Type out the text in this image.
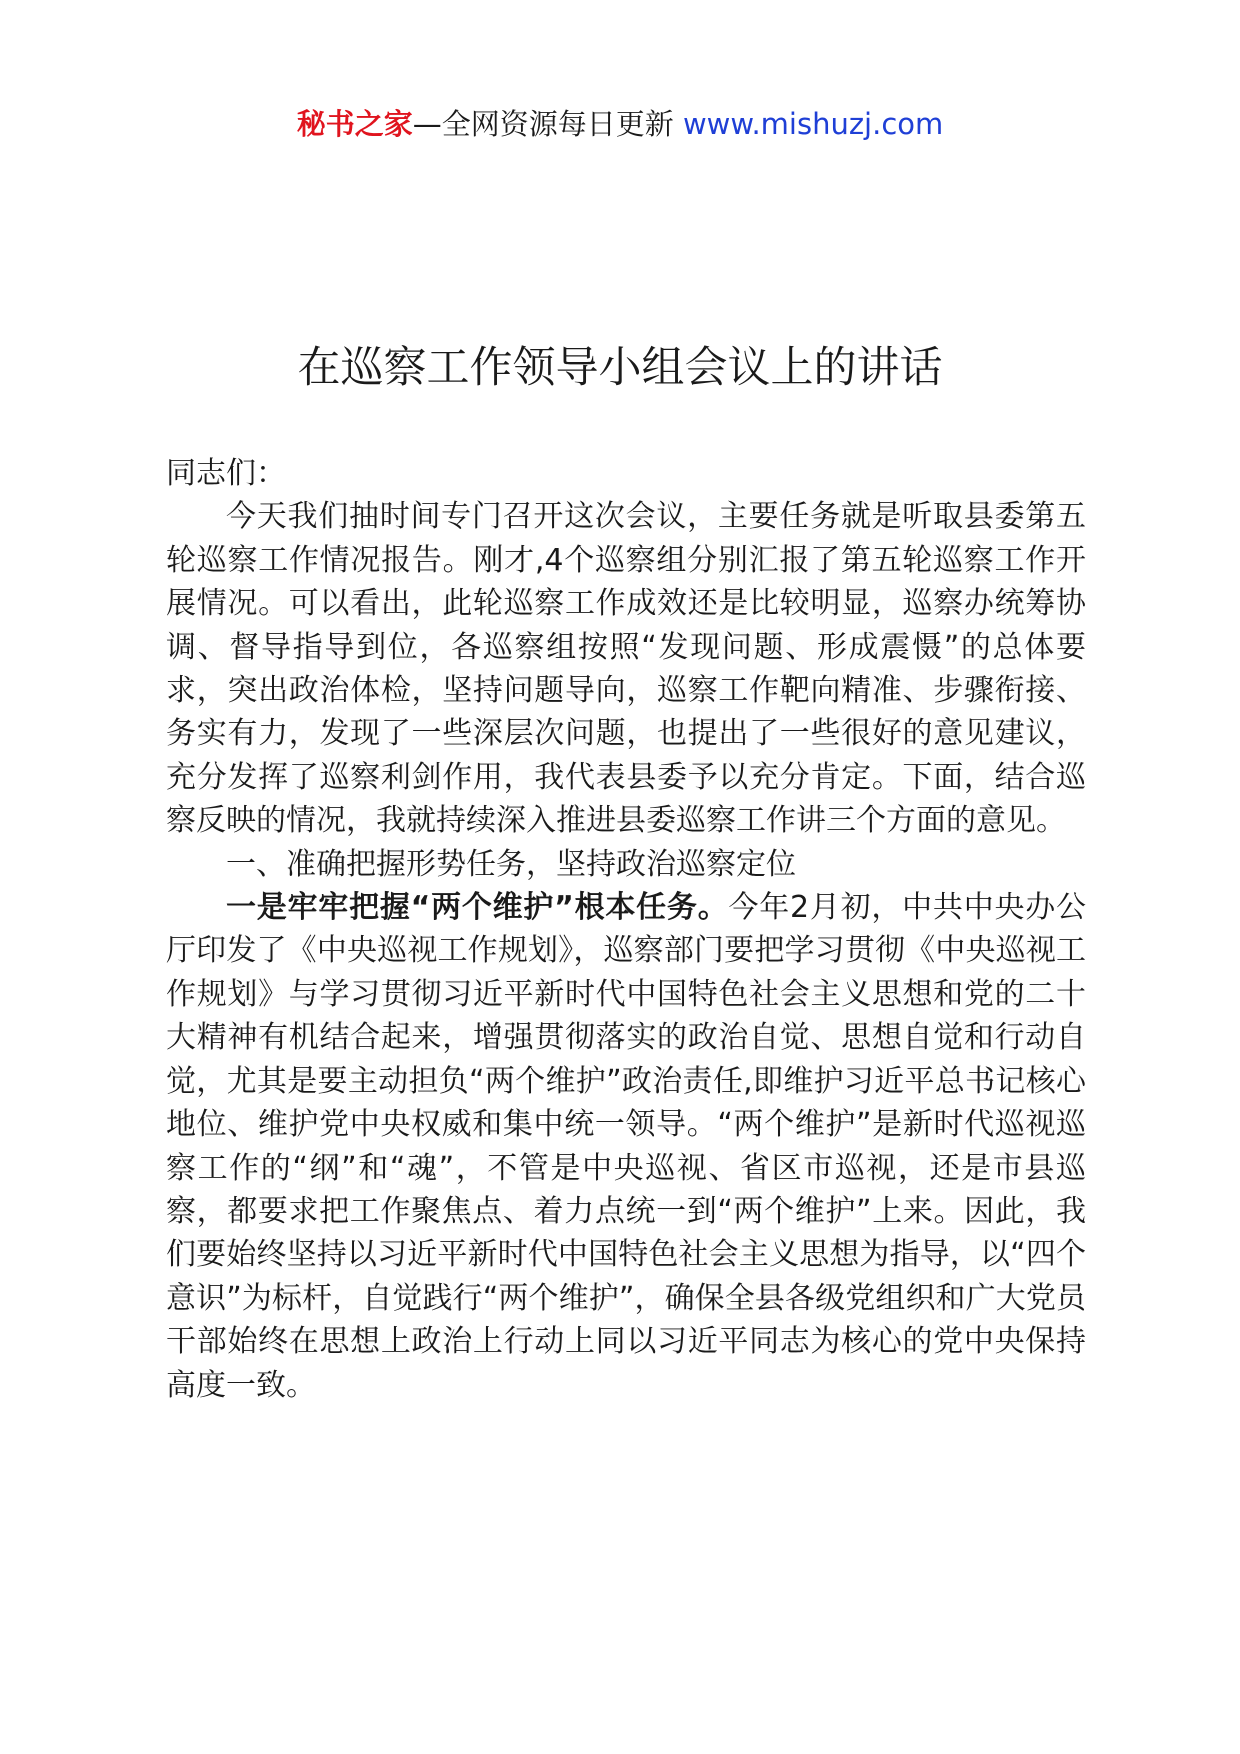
秘书之家—全网资源每日更新 www.mishuzj.com
在巡察工作领导小组会议上的讲话

同志们：

今天我们抽时间专门召开这次会议，主要任务就是听取县委第五轮巡察工作情况报告。刚才,4个巡察组分别汇报了第五轮巡察工作开展情况。可以看出，此轮巡察工作成效还是比较明显，巡察办统筹协调、督导指导到位，各巡察组按照“发现问题、形成震慑”的总体要求，突出政治体检，坚持问题导向，巡察工作靶向精准、步骤衔接、务实有力，发现了一些深层次问题，也提出了一些很好的意见建议，充分发挥了巡察利剑作用，我代表县委予以充分肯定。下面，结合巡察反映的情况，我就持续深入推进县委巡察工作讲三个方面的意见。

一、准确把握形势任务，坚持政治巡察定位

一是牢牢把握“两个维护”根本任务。今年2月初，中共中央办公厅印发了《中央巡视工作规划》，巡察部门要把学习贯彻《中央巡视工作规划》与学习贯彻习近平新时代中国特色社会主义思想和党的二十大精神有机结合起来，增强贯彻落实的政治自觉、思想自觉和行动自觉，尤其是要主动担负“两个维护”政治责任,即维护习近平总书记核心地位、维护党中央权威和集中统一领导。“两个维护”是新时代巡视巡察工作的“纲”和“魂”，不管是中央巡视、省区市巡视，还是市县巡察，都要求把工作聚焦点、着力点统一到“两个维护”上来。因此，我们要始终坚持以习近平新时代中国特色社会主义思想为指导，以“四个意识”为标杆，自觉践行“两个维护”，确保全县各级党组织和广大党员干部始终在思想上政治上行动上同以习近平同志为核心的党中央保持高度一致。
